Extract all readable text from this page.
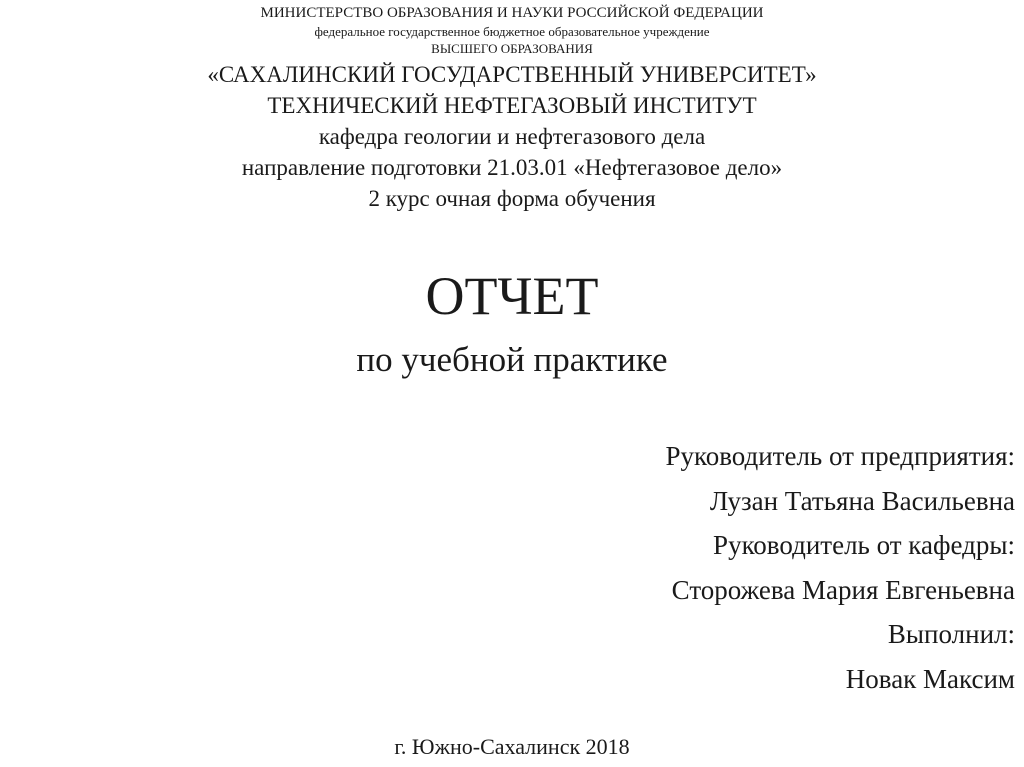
МИНИСТЕРСТВО ОБРАЗОВАНИЯ И НАУКИ РОССИЙСКОЙ ФЕДЕРАЦИИ
федеральное государственное бюджетное образовательное учреждение
ВЫСШЕГО ОБРАЗОВАНИЯ
«САХАЛИНСКИЙ ГОСУДАРСТВЕННЫЙ УНИВЕРСИТЕТ»
ТЕХНИЧЕСКИЙ НЕФТЕГАЗОВЫЙ ИНСТИТУТ
кафедра геологии и нефтегазового дела
направление подготовки 21.03.01 «Нефтегазовое дело»
2 курс очная форма обучения
ОТЧЕТ
по учебной практике
Руководитель от предприятия:
Лузан Татьяна Васильевна
Руководитель от кафедры:
Сторожева Мария Евгеньевна
Выполнил:
Новак Максим
г. Южно-Сахалинск 2018
